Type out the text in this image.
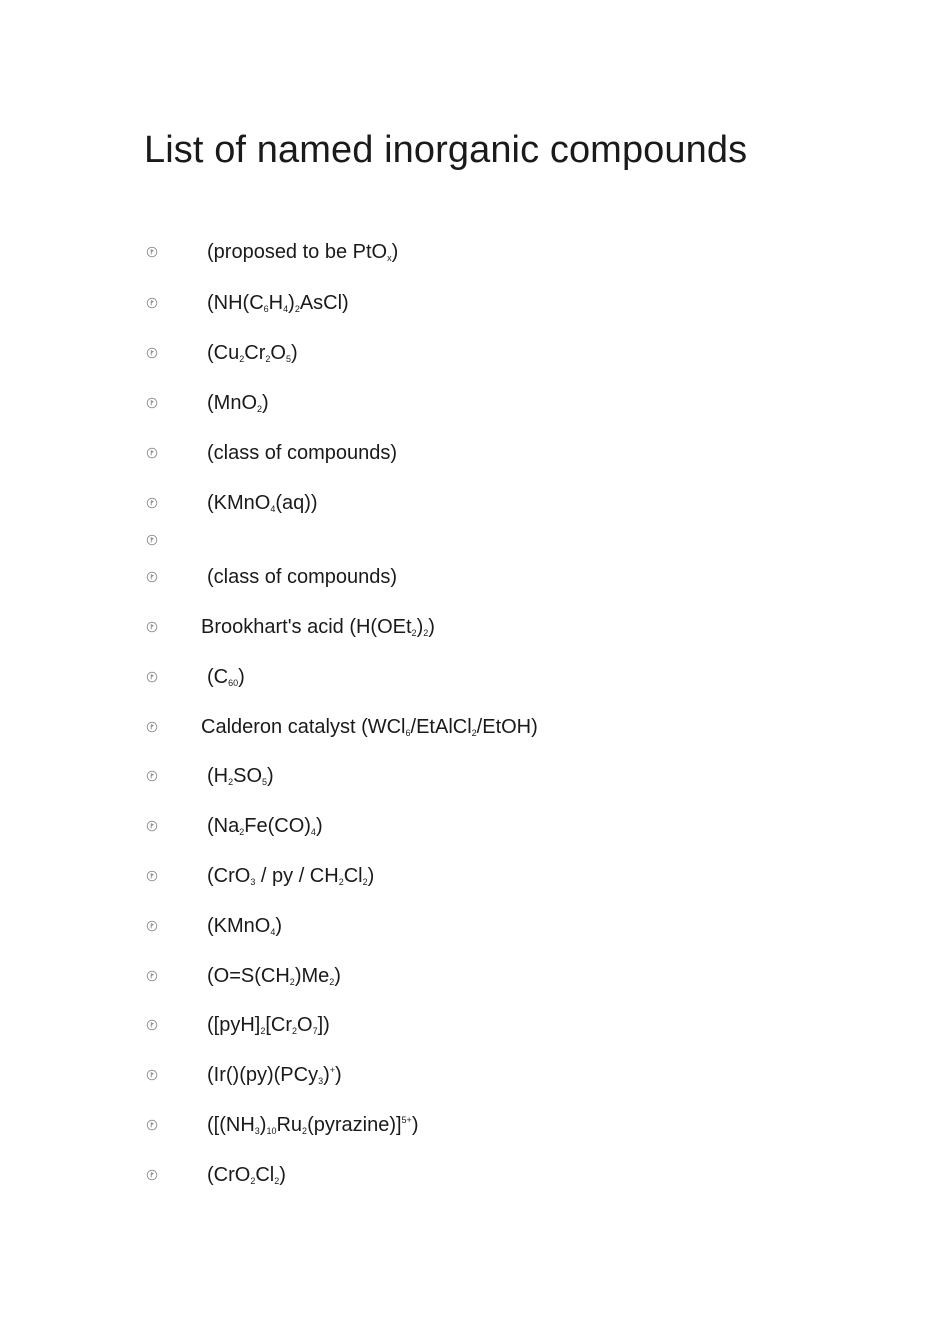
List of named inorganic compounds
(proposed to be PtO$_x$)
$(NH(C_6H_4)_2AsCl)$
$(Cu_2Cr_2O_5)$
(MnO$_2$)
(class of compounds)
(KMnO$_4$(aq))
(class of compounds)
Brookhart's acid $(H(OEt_2)_2)$
$(C_{60})$
Calderon catalyst (WCl$_6$/EtAlCl$_2$/EtOH)
$(H_2SO_5)$
$(Na_2Fe(CO)_4)$
(CrO$_3$ / py / $CH_2Cl_2$)
(KMnO$_4$)
$(O=S(CH_2)Me_2)$
$([pyH]_2[Cr_2O_7])$
(Ir()(py)(PCy$_3$)+)
$([(NH_3)_{10}Ru_2(pyrazine)]^{5+})$
$(CrO_2Cl_2)$
